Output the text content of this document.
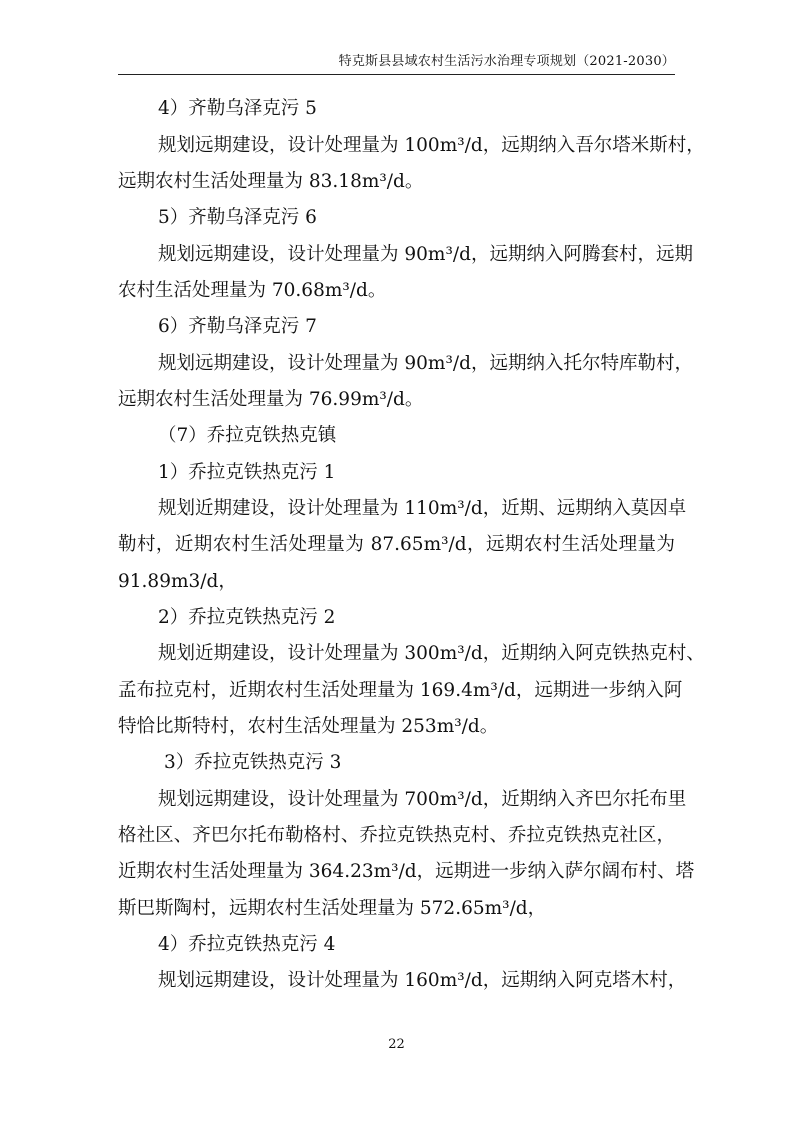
特克斯县县域农村生活污水治理专项规划（2021-2030）
4）齐勒乌泽克污 5
规划远期建设，设计处理量为 100m³/d，远期纳入吾尔塔米斯村，
远期农村生活处理量为 83.18m³/d。
5）齐勒乌泽克污 6
规划远期建设，设计处理量为 90m³/d，远期纳入阿腾套村，远期
农村生活处理量为 70.68m³/d。
6）齐勒乌泽克污 7
规划远期建设，设计处理量为 90m³/d，远期纳入托尔特库勒村，
远期农村生活处理量为 76.99m³/d。
（7）乔拉克铁热克镇
1）乔拉克铁热克污 1
规划近期建设，设计处理量为 110m³/d，近期、远期纳入莫因卓
勒村，近期农村生活处理量为 87.65m³/d，远期农村生活处理量为
91.89m3/d，
2）乔拉克铁热克污 2
规划近期建设，设计处理量为 300m³/d，近期纳入阿克铁热克村、
孟布拉克村，近期农村生活处理量为 169.4m³/d，远期进一步纳入阿
特恰比斯特村，农村生活处理量为 253m³/d。
3）乔拉克铁热克污 3
规划远期建设，设计处理量为 700m³/d，近期纳入齐巴尔托布里
格社区、齐巴尔托布勒格村、乔拉克铁热克村、乔拉克铁热克社区，
近期农村生活处理量为 364.23m³/d，远期进一步纳入萨尔阔布村、塔
斯巴斯陶村，远期农村生活处理量为 572.65m³/d，
4）乔拉克铁热克污 4
规划远期建设，设计处理量为 160m³/d，远期纳入阿克塔木村，
22
